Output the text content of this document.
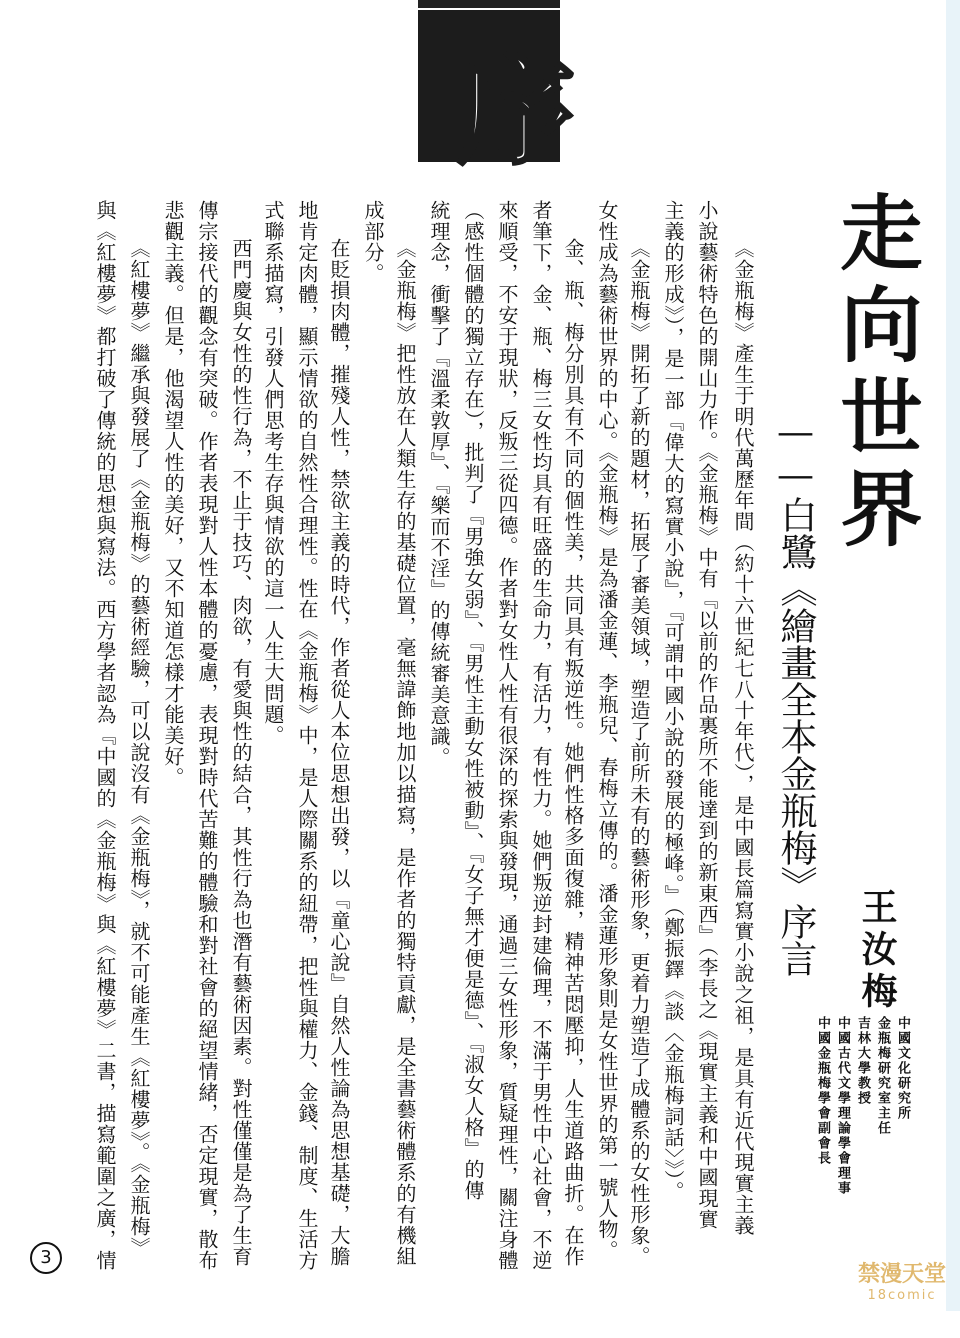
序
走向世界
——白鷺《繪畫全本金瓶梅》序言 王汝梅
中國文化研究所
金瓶梅研究室主任
吉林大學教授
中國古代文學理論學會理事
中國金瓶梅學會副會長
《金瓶梅》產生于明代萬歷年間（約十六世紀七八十年代），是中國長篇寫實小說之祖，是具有近代現實主義
小說藝術特色的開山力作。《金瓶梅》中有『以前的作品裏所不能達到的新東西』（李長之《現實主義和中國現實
主義的形成》），是一部『偉大的寫實小說』，『可謂中國小說的發展的極峰。』（鄭振鐸《談〈金瓶梅詞話〉》）。
《金瓶梅》開拓了新的題材，拓展了審美領域，塑造了前所未有的藝術形象，更着力塑造了成體系的女性形象。
女性成為藝術世界的中心。《金瓶梅》是為潘金蓮、李瓶兒、春梅立傳的。潘金蓮形象則是女性世界的第一號人物。
金、瓶、梅分別具有不同的個性美，共同具有叛逆性。她們性格多面復雜，精神苦悶壓抑，人生道路曲折。在作
者筆下，金、瓶、梅三女性均具有旺盛的生命力，有活力，有性力。她們叛逆封建倫理，不滿于男性中心社會，不逆
來順受，不安于現狀，反叛三從四德。作者對女性人性有很深的探索與發現，通過三女性形象，質疑理性，關注身體
（感性個體的獨立存在），批判了『男強女弱』、『男性主動女性被動』、『女子無才便是德』、『淑女人格』的傳
統理念，衝擊了『溫柔敦厚』、『樂而不淫』的傳統審美意識。
《金瓶梅》把性放在人類生存的基礎位置，毫無諱飾地加以描寫，是作者的獨特貢獻，是全書藝術體系的有機組
成部分。
在貶損肉體，摧殘人性，禁欲主義的時代，作者從人本位思想出發，以『童心說』自然人性論為思想基礎，大膽
地肯定肉體，顯示情欲的自然性合理性。性在《金瓶梅》中，是人際關系的紐帶，把性與權力、金錢、制度、生活方
式聯系描寫，引發人們思考生存與情欲的這一人生大問題。
西門慶與女性的性行為，不止于技巧、肉欲，有愛與性的結合，其性行為也潛有藝術因素。對性僅僅是為了生育
傳宗接代的觀念有突破。作者表現對人性本體的憂慮，表現對時代苦難的體驗和對社會的絕望情緒，否定現實，散布
悲觀主義。但是，他渴望人性的美好，又不知道怎樣才能美好。
《紅樓夢》繼承與發展了《金瓶梅》的藝術經驗，可以說沒有《金瓶梅》，就不可能產生《紅樓夢》。《金瓶梅》
與《紅樓夢》都打破了傳統的思想與寫法。西方學者認為『中國的《金瓶梅》與《紅樓夢》二書，描寫範圍之廣，情
3
禁漫天堂
18comic
